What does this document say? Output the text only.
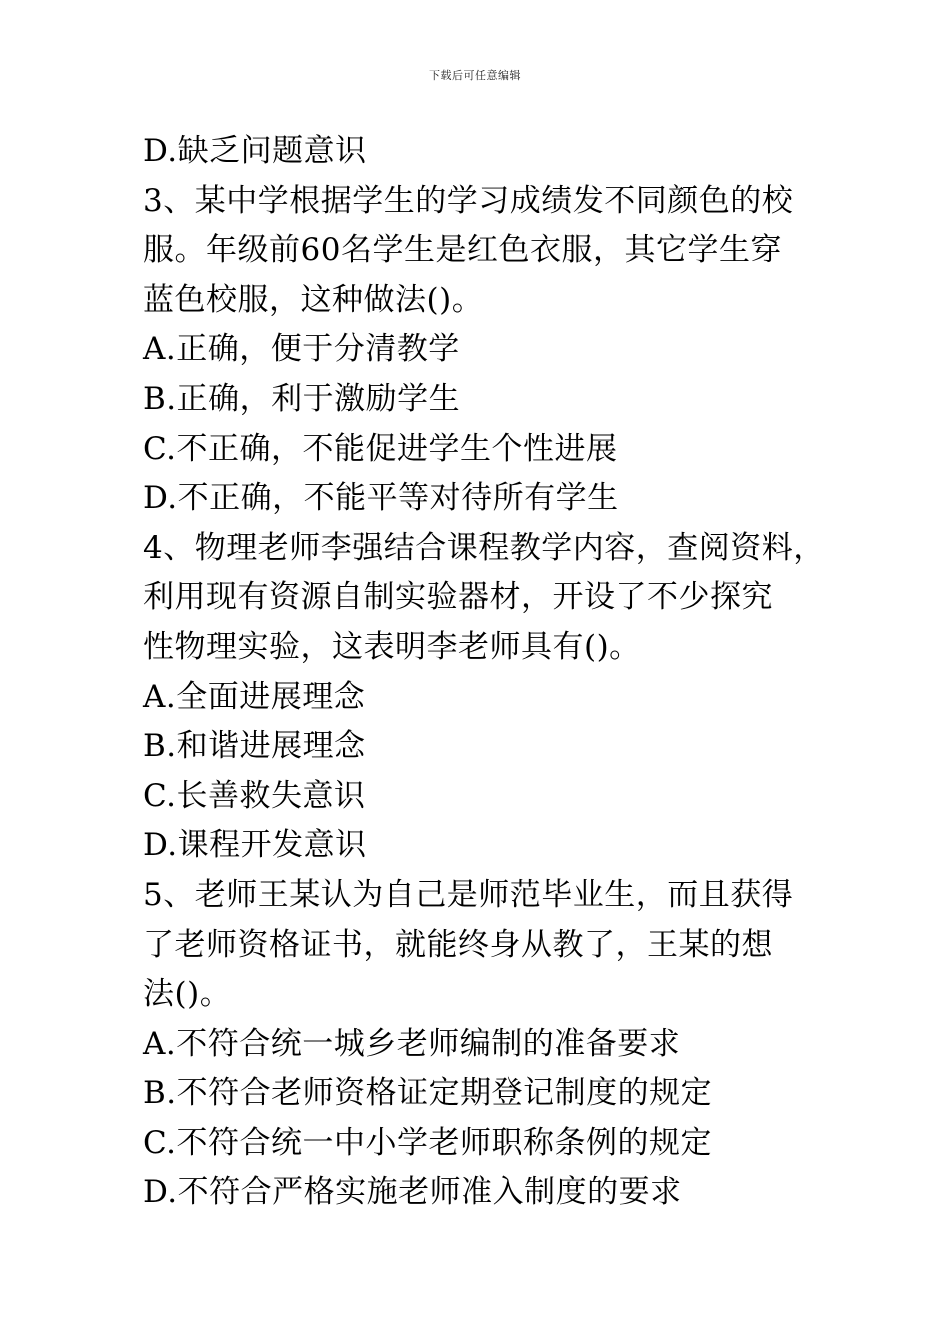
下载后可任意编辑
D.缺乏问题意识
3、某中学根据学生的学习成绩发不同颜色的校
服。年级前60名学生是红色衣服，其它学生穿
蓝色校服，这种做法()。
A.正确，便于分清教学
B.正确，利于激励学生
C.不正确，不能促进学生个性进展
D.不正确，不能平等对待所有学生
4、物理老师李强结合课程教学内容，查阅资料，
利用现有资源自制实验器材，开设了不少探究
性物理实验，这表明李老师具有()。
A.全面进展理念
B.和谐进展理念
C.长善救失意识
D.课程开发意识
5、老师王某认为自己是师范毕业生，而且获得
了老师资格证书，就能终身从教了，王某的想
法()。
A.不符合统一城乡老师编制的准备要求
B.不符合老师资格证定期登记制度的规定
C.不符合统一中小学老师职称条例的规定
D.不符合严格实施老师准入制度的要求
